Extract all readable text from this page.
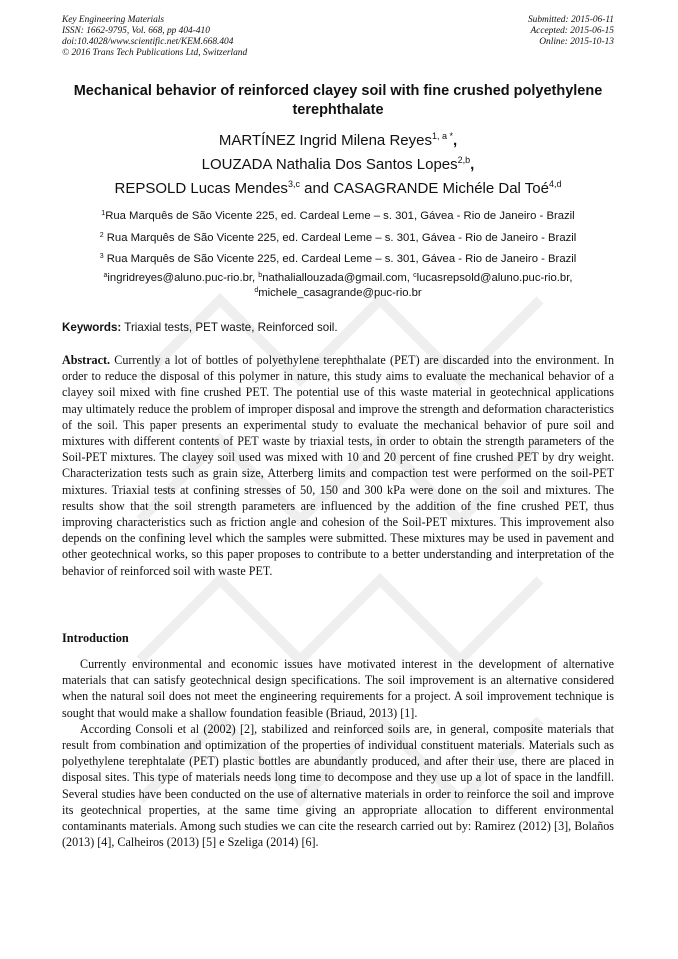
Key Engineering Materials
ISSN: 1662-9795, Vol. 668, pp 404-410
doi:10.4028/www.scientific.net/KEM.668.404
© 2016 Trans Tech Publications Ltd, Switzerland
Submitted: 2015-06-11
Accepted: 2015-06-15
Online: 2015-10-13
Mechanical behavior of reinforced clayey soil with fine crushed polyethylene terephthalate
MARTÍNEZ Ingrid Milena Reyes$^{1, a *}$,
LOUZADA Nathalia Dos Santos Lopes$^{2,b}$,
REPSOLD Lucas Mendes$^{3,c}$ and CASAGRANDE Michéle Dal Toé$^{4,d}$
$^1$Rua Marquês de São Vicente 225, ed. Cardeal Leme – s. 301, Gávea - Rio de Janeiro - Brazil
$^2$ Rua Marquês de São Vicente 225, ed. Cardeal Leme – s. 301, Gávea - Rio de Janeiro - Brazil
$^3$ Rua Marquês de São Vicente 225, ed. Cardeal Leme – s. 301, Gávea - Rio de Janeiro - Brazil
$^a$ingridreyes@aluno.puc-rio.br, $^b$nathaliallouzada@gmail.com, $^c$lucasrepsold@aluno.puc-rio.br,
$^d$michele_casagrande@puc-rio.br
Keywords: Triaxial tests, PET waste, Reinforced soil.
Abstract. Currently a lot of bottles of polyethylene terephthalate (PET) are discarded into the environment. In order to reduce the disposal of this polymer in nature, this study aims to evaluate the mechanical behavior of a clayey soil mixed with fine crushed PET. The potential use of this waste material in geotechnical applications may ultimately reduce the problem of improper disposal and improve the strength and deformation characteristics of the soil. This paper presents an experimental study to evaluate the mechanical behavior of pure soil and mixtures with different contents of PET waste by triaxial tests, in order to obtain the strength parameters of the Soil-PET mixtures. The clayey soil used was mixed with 10 and 20 percent of fine crushed PET by dry weight. Characterization tests such as grain size, Atterberg limits and compaction test were performed on the soil-PET mixtures. Triaxial tests at confining stresses of 50, 150 and 300 kPa were done on the soil and mixtures. The results show that the soil strength parameters are influenced by the addition of the fine crushed PET, thus improving characteristics such as friction angle and cohesion of the Soil-PET mixtures. This improvement also depends on the confining level which the samples were submitted. These mixtures may be used in pavement and other geotechnical works, so this paper proposes to contribute to a better understanding and interpretation of the behavior of reinforced soil with waste PET.
Introduction

Currently environmental and economic issues have motivated interest in the development of alternative materials that can satisfy geotechnical design specifications. The soil improvement is an alternative considered when the natural soil does not meet the engineering requirements for a project. A soil improvement technique is sought that would make a shallow foundation feasible (Briaud, 2013) [1].

According Consoli et al (2002) [2], stabilized and reinforced soils are, in general, composite materials that result from combination and optimization of the properties of individual constituent materials. Materials such as polyethylene terephtalate (PET) plastic bottles are abundantly produced, and after their use, there are placed in disposal sites. This type of materials needs long time to decompose and they use up a lot of space in the landfill. Several studies have been conducted on the use of alternative materials in order to reinforce the soil and improve its geotechnical properties, at the same time giving an appropriate allocation to different environmental contaminants materials. Among such studies we can cite the research carried out by: Ramirez (2012) [3], Bolaños (2013) [4], Calheiros (2013) [5] e Szeliga (2014) [6].
